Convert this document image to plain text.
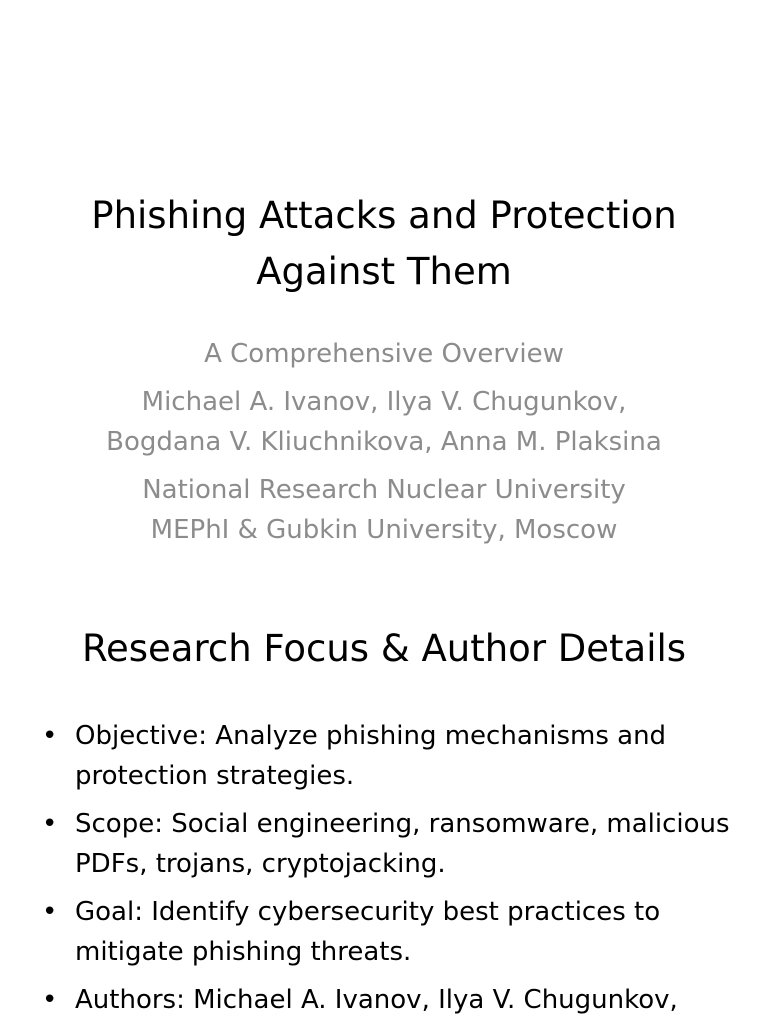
Phishing Attacks and Protection Against Them

A Comprehensive Overview

Michael A. Ivanov, Ilya V. Chugunkov, Bogdana V. Kliuchnikova, Anna M. Plaksina

National Research Nuclear University MEPhI & Gubkin University, Moscow

Research Focus & Author Details
• Objective: Analyze phishing mechanisms and protection strategies.
• Scope: Social engineering, ransomware, malicious PDFs, trojans, cryptojacking.
• Goal: Identify cybersecurity best practices to mitigate phishing threats.
• Authors: Michael A. Ivanov, Ilya V. Chugunkov,
